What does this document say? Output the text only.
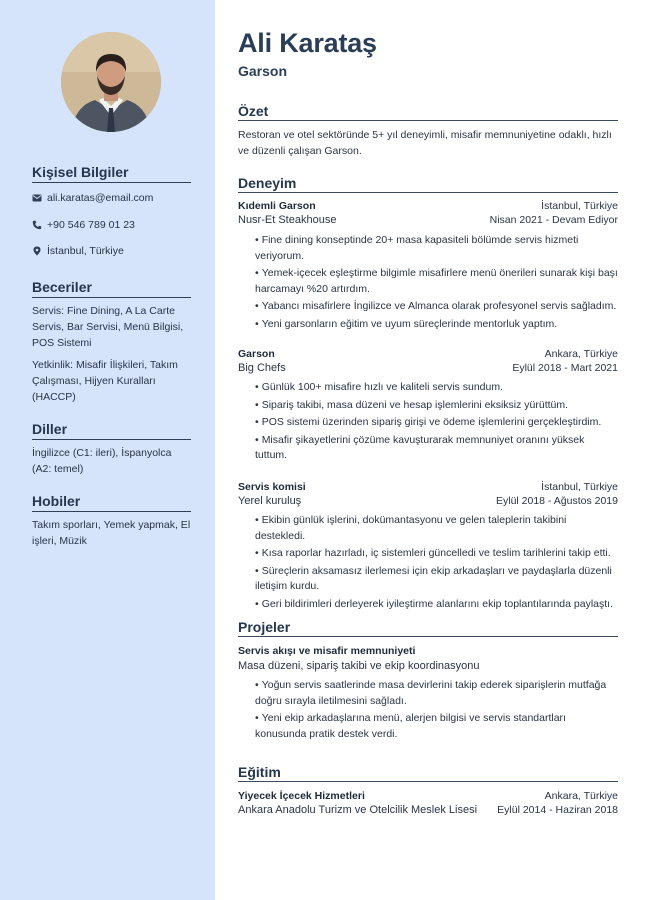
Kişisel Bilgiler
ali.karatas@email.com
+90 546 789 01 23
İstanbul, Türkiye
Beceriler
Servis: Fine Dining, A La Carte Servis, Bar Servisi, Menü Bilgisi, POS Sistemi
Yetkinlik: Misafir İlişkileri, Takım Çalışması, Hijyen Kuralları (HACCP)
Diller
İngilizce (C1: ileri), İspanyolca (A2: temel)
Hobiler
Takım sporları, Yemek yapmak, El işleri, Müzik
Ali Karataş
Garson
Özet
Restoran ve otel sektöründe 5+ yıl deneyimli, misafir memnuniyetine odaklı, hızlı ve düzenli çalışan Garson.
Deneyim
Kıdemli Garson	İstanbul, Türkiye
Nusr-Et Steakhouse	Nisan 2021 - Devam Ediyor
• Fine dining konseptinde 20+ masa kapasiteli bölümde servis hizmeti veriyorum.
• Yemek-içecek eşleştirme bilgimle misafirlere menü önerileri sunarak kişi başı harcamayı %20 artırdım.
• Yabancı misafirlere İngilizce ve Almanca olarak profesyonel servis sağladım.
• Yeni garsonların eğitim ve uyum süreçlerinde mentorluk yaptım.
Garson	Ankara, Türkiye
Big Chefs	Eylül 2018 - Mart 2021
• Günlük 100+ misafire hızlı ve kaliteli servis sundum.
• Sipariş takibi, masa düzeni ve hesap işlemlerini eksiksiz yürüttüm.
• POS sistemi üzerinden sipariş girişi ve ödeme işlemlerini gerçekleştirdim.
• Misafir şikayetlerini çözüme kavuşturarak memnuniyet oranını yüksek tuttum.
Servis komisi	İstanbul, Türkiye
Yerel kuruluş	Eylül 2018 - Ağustos 2019
• Ekibin günlük işlerini, dokümantasyonu ve gelen taleplerin takibini destekledi.
• Kısa raporlar hazırladı, iç sistemleri güncelledi ve teslim tarihlerini takip etti.
• Süreçlerin aksamasız ilerlemesi için ekip arkadaşları ve paydaşlarla düzenli iletişim kurdu.
• Geri bildirimleri derleyerek iyileştirme alanlarını ekip toplantılarında paylaştı.
Projeler
Servis akışı ve misafir memnuniyeti
Masa düzeni, sipariş takibi ve ekip koordinasyonu
• Yoğun servis saatlerinde masa devirlerini takip ederek siparişlerin mutfağa doğru sırayla iletilmesini sağladı.
• Yeni ekip arkadaşlarına menü, alerjen bilgisi ve servis standartları konusunda pratik destek verdi.
Eğitim
Yiyecek İçecek Hizmetleri	Ankara, Türkiye
Ankara Anadolu Turizm ve Otelcilik Meslek Lisesi Eylül 2014 - Haziran 2018
